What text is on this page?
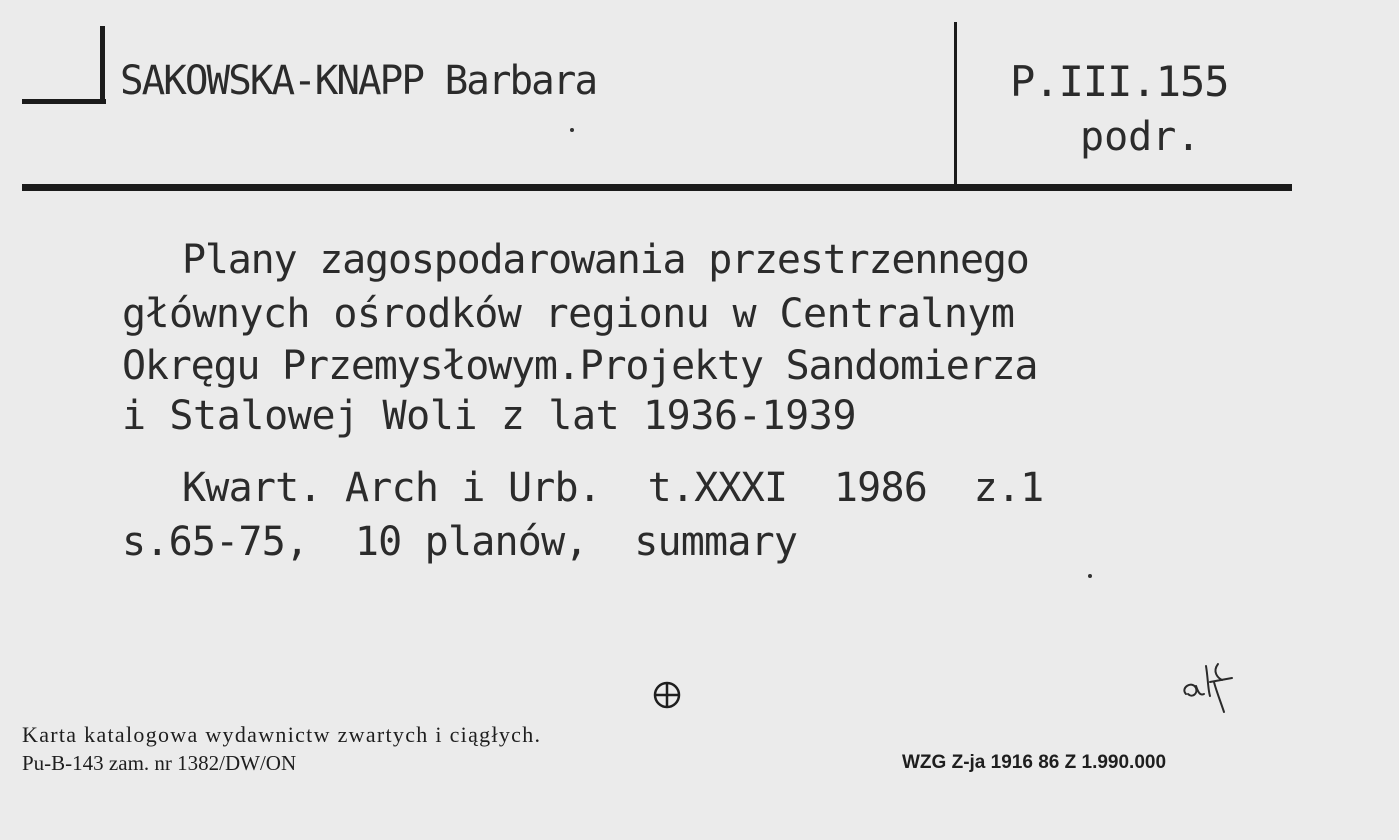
SAKOWSKA-KNAPP Barbara	P.III.155
podr.
Plany zagospodarowania przestrzennego
głównych ośrodków regionu w Centralnym
Okręgu Przemysłowym.Projekty Sandomierza
i Stalowej Woli z lat 1936-1939
Kwart. Arch i Urb.  t.XXXI  1986  z.1
s.65-75,  10 planów,  summary
Karta katalogowa wydawnictw zwartych i ciągłych.
Pu-B-143 zam. nr 1382/DW/ON	WZG Z-ja 1916 86 Z 1.990.000
